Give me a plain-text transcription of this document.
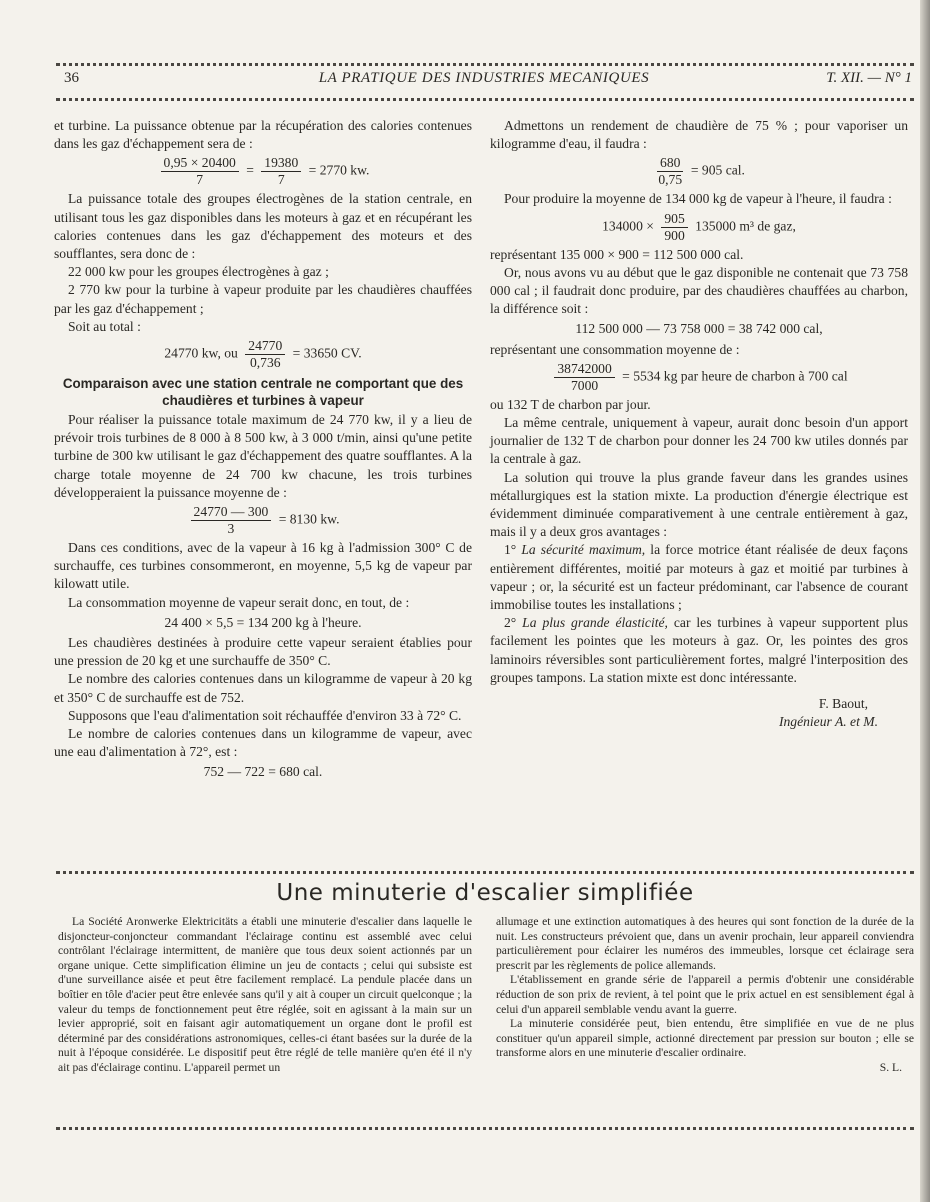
36	LA PRATIQUE DES INDUSTRIES MECANIQUES	T. XII. — N° 1

et turbine. La puissance obtenue par la récupération des calories contenues dans les gaz d'échappement sera de :

$\frac{0,95 \times 20400}{7} = \frac{19380}{7} = 2770$ kw.

La puissance totale des groupes électrogènes de la station centrale, en utilisant tous les gaz disponibles dans les moteurs à gaz et en récupérant les calories contenues dans les gaz d'échappement des moteurs et des soufflantes, sera donc de :

22 000 kw pour les groupes électrogènes à gaz ;

2 770 kw pour la turbine à vapeur produite par les chaudières chauffées par les gaz d'échappement ;

Soit au total :

24770 kw, ou $\frac{24770}{0,736} = 33650$ CV.
Comparaison avec une station centrale ne comportant que des chaudières et turbines à vapeur

Pour réaliser la puissance totale maximum de 24 770 kw, il y a lieu de prévoir trois turbines de 8 000 à 8 500 kw, à 3 000 t/min, ainsi qu'une petite turbine de 300 kw utilisant le gaz d'échappement des quatre soufflantes. A la charge totale moyenne de 24 700 kw chacune, les trois turbines développeraient la puissance moyenne de :

$\frac{24770 — 300}{3} = 8130$ kw.

Dans ces conditions, avec de la vapeur à 16 kg à l'admission 300° C de surchauffe, ces turbines consommeront, en moyenne, 5,5 kg de vapeur par kilowatt utile.

La consommation moyenne de vapeur serait donc, en tout, de :

24 400 × 5,5 = 134 200 kg à l'heure.

Les chaudières destinées à produire cette vapeur seraient établies pour une pression de 20 kg et une surchauffe de 350° C.

Le nombre des calories contenues dans un kilogramme de vapeur à 20 kg et 350° C de surchauffe est de 752.

Supposons que l'eau d'alimentation soit réchauffée d'environ 33 à 72° C.

Le nombre de calories contenues dans un kilogramme de vapeur, avec une eau d'alimentation à 72°, est :

752 — 722 = 680 cal.

Admettons un rendement de chaudière de 75 % ; pour vaporiser un kilogramme d'eau, il faudra :

$\frac{680}{0,75} = 905$ cal.

Pour produire la moyenne de 134 000 kg de vapeur à l'heure, il faudra :

$134000 \times \frac{905}{900} 135000$ m³ de gaz,

représentant 135 000 × 900 = 112 500 000 cal.

Or, nous avons vu au début que le gaz disponible ne contenait que 73 758 000 cal ; il faudrait donc produire, par des chaudières chauffées au charbon, la différence soit :

112 500 000 — 73 758 000 = 38 742 000 cal,

représentant une consommation moyenne de :

$\frac{38742000}{7000} = 5534$ kg par heure de charbon à 700 cal

ou 132 T de charbon par jour.

La même centrale, uniquement à vapeur, aurait donc besoin d'un apport journalier de 132 T de charbon pour donner les 24 700 kw utiles donnés par la centrale à gaz.

La solution qui trouve la plus grande faveur dans les grandes usines métallurgiques est la station mixte. La production d'énergie électrique est évidemment diminuée comparativement à une centrale entièrement à gaz, mais il y a deux gros avantages :

1° La sécurité maximum, la force motrice étant réalisée de deux façons entièrement différentes, moitié par moteurs à gaz et moitié par turbines à vapeur ; or, la sécurité est un facteur prédominant, car l'absence de courant immobilise toutes les installations ;

2° La plus grande élasticité, car les turbines à vapeur supportent plus facilement les pointes que les moteurs à gaz. Or, les pointes des gros laminoirs réversibles sont particulièrement fortes, malgré l'interposition des groupes tampons. La station mixte est donc intéressante.

F. Baout,

Ingénieur A. et M.

Une minuterie d'escalier simplifiée

La Société Aronwerke Elektricitäts a établi une minuterie d'escalier dans laquelle le disjoncteur-conjoncteur commandant l'éclairage continu est assemblé avec celui contrôlant l'éclairage intermittent, de manière que tous deux soient actionnés par un organe unique. Cette simplification élimine un jeu de contacts ; celui qui subsiste est d'une surveillance aisée et peut être facilement remplacé. La pendule placée dans un boîtier en tôle d'acier peut être enlevée sans qu'il y ait à couper un circuit quelconque ; la valeur du temps de fonctionnement peut être réglée, soit en agissant à la main sur un levier approprié, soit en faisant agir automatiquement un organe dont le profil est déterminé par des considérations astronomiques, celles-ci étant basées sur la durée de la nuit à l'époque considérée. Le dispositif peut être réglé de telle manière qu'en été il n'y ait pas d'éclairage continu. L'appareil permet un

allumage et une extinction automatiques à des heures qui sont fonction de la durée de la nuit. Les constructeurs prévoient que, dans un avenir prochain, leur appareil conviendra particulièrement pour éclairer les numéros des immeubles, lorsque cet éclairage sera prescrit par les règlements de police allemands.

L'établissement en grande série de l'appareil a permis d'obtenir une considérable réduction de son prix de revient, à tel point que le prix actuel en est sensiblement égal à celui d'un appareil semblable vendu avant la guerre.

La minuterie considérée peut, bien entendu, être simplifiée en vue de ne plus constituer qu'un appareil simple, actionné directement par pression sur bouton ; elle se transforme alors en une minuterie d'escalier ordinaire.

S. L.
